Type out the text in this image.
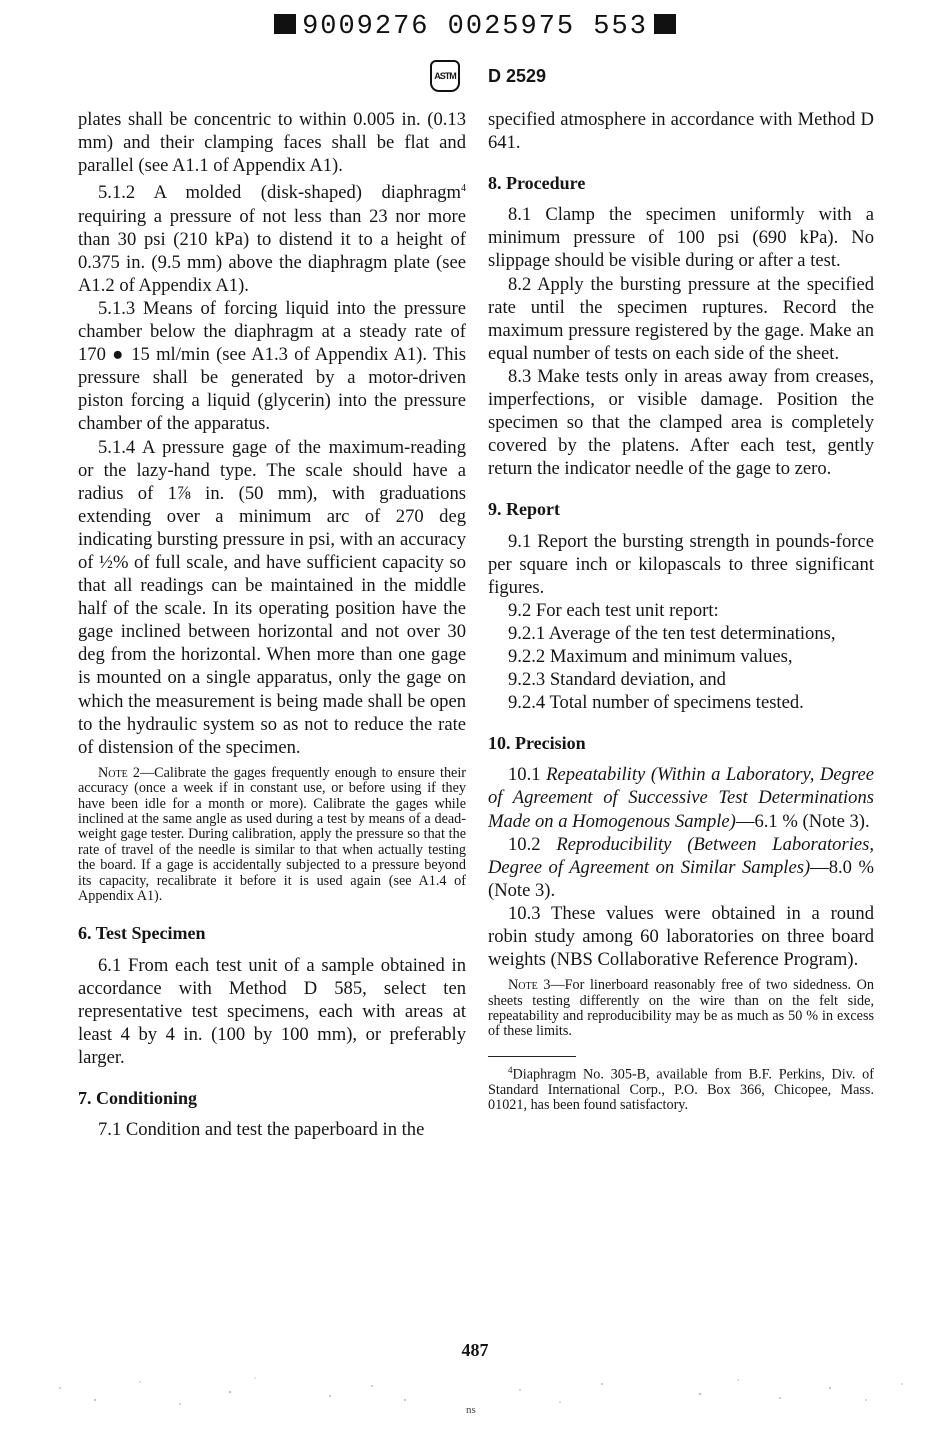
9009276 0025975 553
ASTM D 2529

plates shall be concentric to within 0.005 in. (0.13 mm) and their clamping faces shall be flat and parallel (see A1.1 of Appendix A1).

5.1.2 A molded (disk-shaped) diaphragm$^4$ requiring a pressure of not less than 23 nor more than 30 psi (210 kPa) to distend it to a height of 0.375 in. (9.5 mm) above the diaphragm plate (see A1.2 of Appendix A1).

5.1.3 Means of forcing liquid into the pressure chamber below the diaphragm at a steady rate of 170 ● 15 ml/min (see A1.3 of Appendix A1). This pressure shall be generated by a motor-driven piston forcing a liquid (glycerin) into the pressure chamber of the apparatus.

5.1.4 A pressure gage of the maximum-reading or the lazy-hand type. The scale should have a radius of 1⅞ in. (50 mm), with graduations extending over a minimum arc of 270 deg indicating bursting pressure in psi, with an accuracy of ½% of full scale, and have sufficient capacity so that all readings can be maintained in the middle half of the scale. In its operating position have the gage inclined between horizontal and not over 30 deg from the horizontal. When more than one gage is mounted on a single apparatus, only the gage on which the measurement is being made shall be open to the hydraulic system so as not to reduce the rate of distension of the specimen.

Note 2—Calibrate the gages frequently enough to ensure their accuracy (once a week if in constant use, or before using if they have been idle for a month or more). Calibrate the gages while inclined at the same angle as used during a test by means of a dead-weight gage tester. During calibration, apply the pressure so that the rate of travel of the needle is similar to that when actually testing the board. If a gage is accidentally subjected to a pressure beyond its capacity, recalibrate it before it is used again (see A1.4 of Appendix A1).

6. Test Specimen

6.1 From each test unit of a sample obtained in accordance with Method D 585, select ten representative test specimens, each with areas at least 4 by 4 in. (100 by 100 mm), or preferably larger.

7. Conditioning

7.1 Condition and test the paperboard in the

specified atmosphere in accordance with Method D 641.

8. Procedure

8.1 Clamp the specimen uniformly with a minimum pressure of 100 psi (690 kPa). No slippage should be visible during or after a test.

8.2 Apply the bursting pressure at the specified rate until the specimen ruptures. Record the maximum pressure registered by the gage. Make an equal number of tests on each side of the sheet.

8.3 Make tests only in areas away from creases, imperfections, or visible damage. Position the specimen so that the clamped area is completely covered by the platens. After each test, gently return the indicator needle of the gage to zero.

9. Report

9.1 Report the bursting strength in pounds-force per square inch or kilopascals to three significant figures.

9.2 For each test unit report:

9.2.1 Average of the ten test determinations,

9.2.2 Maximum and minimum values,

9.2.3 Standard deviation, and

9.2.4 Total number of specimens tested.

10. Precision

10.1 Repeatability (Within a Laboratory, Degree of Agreement of Successive Test Determinations Made on a Homogenous Sample)—6.1 % (Note 3).

10.2 Reproducibility (Between Laboratories, Degree of Agreement on Similar Samples)—8.0 % (Note 3).

10.3 These values were obtained in a round robin study among 60 laboratories on three board weights (NBS Collaborative Reference Program).

Note 3—For linerboard reasonably free of two sidedness. On sheets testing differently on the wire than on the felt side, repeatability and reproducibility may be as much as 50 % in excess of these limits.

$^4$Diaphragm No. 305-B, available from B.F. Perkins, Div. of Standard International Corp., P.O. Box 366, Chicopee, Mass. 01021, has been found satisfactory.

487
ns
